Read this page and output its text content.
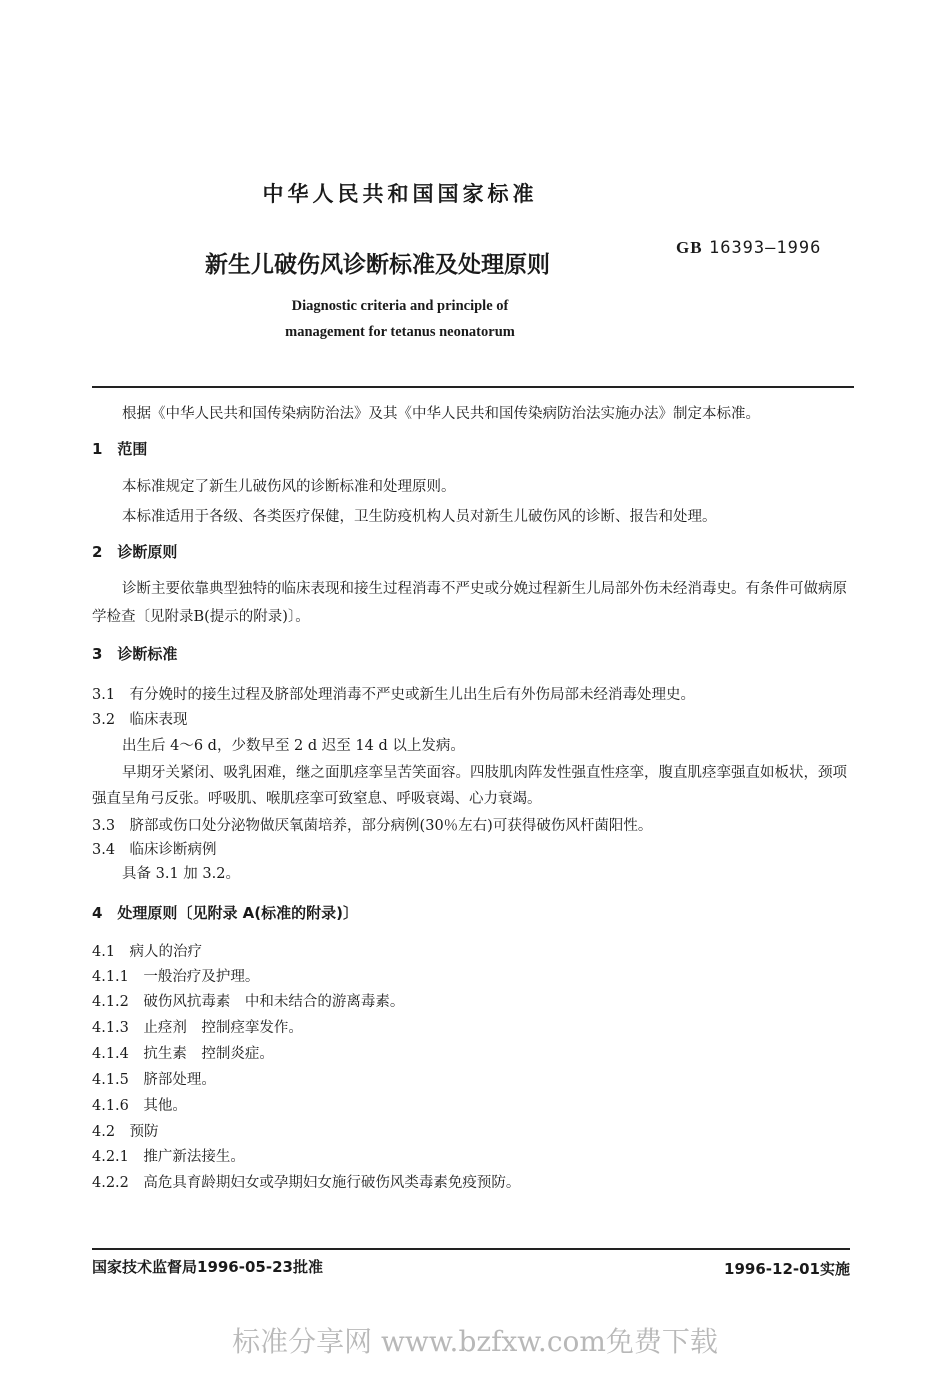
中华人民共和国国家标准
新生儿破伤风诊断标准及处理原则
GB 16393—1996
Diagnostic criteria and principle of
management for tetanus neonatorum
根据《中华人民共和国传染病防治法》及其《中华人民共和国传染病防治法实施办法》制定本标准。
1　范围
本标准规定了新生儿破伤风的诊断标准和处理原则。
本标准适用于各级、各类医疗保健，卫生防疫机构人员对新生儿破伤风的诊断、报告和处理。
2　诊断原则
诊断主要依靠典型独特的临床表现和接生过程消毒不严史或分娩过程新生儿局部外伤未经消毒史。有条件可做病原学检查〔见附录B(提示的附录)〕。
3　诊断标准
3.1　有分娩时的接生过程及脐部处理消毒不严史或新生儿出生后有外伤局部未经消毒处理史。
3.2　临床表现
出生后 4～6 d，少数早至 2 d 迟至 14 d 以上发病。
早期牙关紧闭、吸乳困难，继之面肌痉挛呈苦笑面容。四肢肌肉阵发性强直性痉挛，腹直肌痉挛强直如板状，颈项强直呈角弓反张。呼吸肌、喉肌痉挛可致窒息、呼吸衰竭、心力衰竭。
3.3　脐部或伤口处分泌物做厌氧菌培养，部分病例(30％左右)可获得破伤风杆菌阳性。
3.4　临床诊断病例
具备 3.1 加 3.2。
4　处理原则〔见附录 A(标准的附录)〕
4.1　病人的治疗
4.1.1　一般治疗及护理。
4.1.2　破伤风抗毒素　中和未结合的游离毒素。
4.1.3　止痉剂　控制痉挛发作。
4.1.4　抗生素　控制炎症。
4.1.5　脐部处理。
4.1.6　其他。
4.2　预防
4.2.1　推广新法接生。
4.2.2　高危具育龄期妇女或孕期妇女施行破伤风类毒素免疫预防。
国家技术监督局1996-05-23批准	1996-12-01实施
标准分享网 www.bzfxw.com免费下载
